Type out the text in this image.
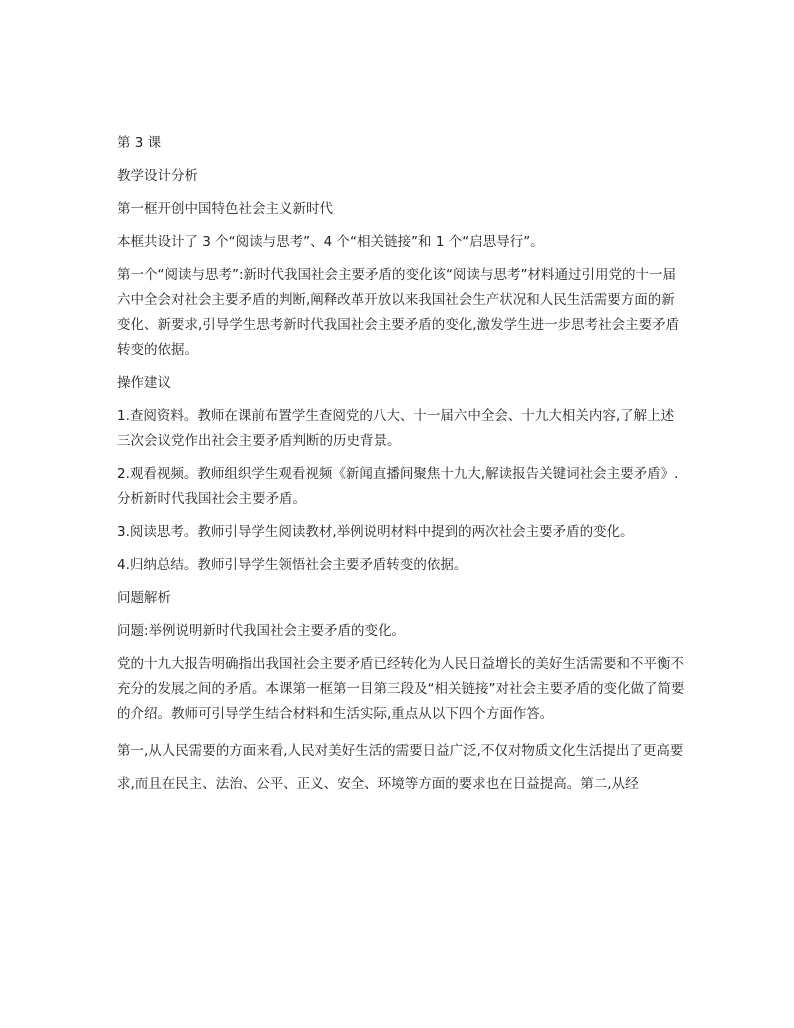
第 3 课

教学设计分析

第一框开创中国特色社会主义新时代

本框共设计了 3 个“阅读与思考”、4 个“相关链接”和 1 个“启思导行”。

第一个“阅读与思考”:新时代我国社会主要矛盾的变化该“阅读与思考”材料通过引用党的十一届六中全会对社会主要矛盾的判断,阐释改革开放以来我国社会生产状况和人民生活需要方面的新变化、新要求,引导学生思考新时代我国社会主要矛盾的变化,激发学生进一步思考社会主要矛盾转变的依据。

操作建议

1.查阅资料。教师在课前布置学生查阅党的八大、十一届六中全会、十九大相关内容,了解上述三次会议党作出社会主要矛盾判断的历史背景。

2.观看视频。教师组织学生观看视频《新闻直播间聚焦十九大,解读报告关键词社会主要矛盾》.分析新时代我国社会主要矛盾。

3.阅读思考。教师引导学生阅读教材,举例说明材料中提到的两次社会主要矛盾的变化。

4.归纳总结。教师引导学生领悟社会主要矛盾转变的依据。

问题解析

问题:举例说明新时代我国社会主要矛盾的变化。

党的十九大报告明确指出我国社会主要矛盾已经转化为人民日益增长的美好生活需要和不平衡不充分的发展之间的矛盾。本课第一框第一目第三段及“相关链接”对社会主要矛盾的变化做了简要的介绍。教师可引导学生结合材料和生活实际,重点从以下四个方面作答。

第一,从人民需要的方面来看,人民对美好生活的需要日益广泛,不仅对物质文化生活提出了更高要求,而且在民主、法治、公平、正义、安全、环境等方面的要求也在日益提高。第二,从经
